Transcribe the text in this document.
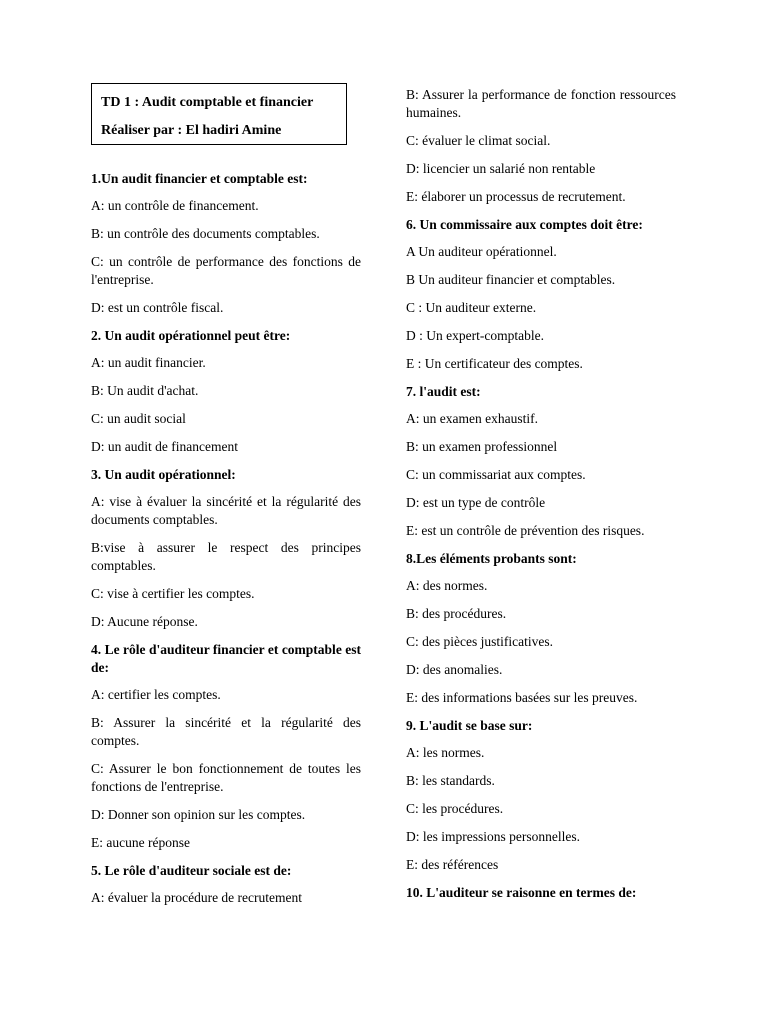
TD 1 : Audit comptable et financier
Réaliser par : El hadiri Amine

1.Un audit financier et comptable est:

A: un contrôle de financement.

B: un contrôle des documents comptables.

C: un contrôle de performance des fonctions de l'entreprise.

D: est un contrôle fiscal.

2. Un audit opérationnel peut être:

A: un audit financier.

B: Un audit d'achat.

C: un audit social

D: un audit de financement

3. Un audit opérationnel:

A: vise à évaluer la sincérité et la régularité des documents comptables.

B:vise à assurer le respect des principes comptables.

C: vise à certifier les comptes.

D: Aucune réponse.

4. Le rôle d'auditeur financier et comptable est de:

A: certifier les comptes.

B: Assurer la sincérité et la régularité des comptes.

C: Assurer le bon fonctionnement de toutes les fonctions de l'entreprise.

D: Donner son opinion sur les comptes.

E: aucune réponse

5. Le rôle d'auditeur sociale est de:

A: évaluer la procédure de recrutement

B: Assurer la performance de fonction ressources humaines.

C: évaluer le climat social.

D: licencier un salarié non rentable

E: élaborer un processus de recrutement.

6. Un commissaire aux comptes doit être:

A Un auditeur opérationnel.

B Un auditeur financier et comptables.

C : Un auditeur externe.

D : Un expert-comptable.

E : Un certificateur des comptes.

7. l'audit est:

A: un examen exhaustif.

B: un examen professionnel

C: un commissariat aux comptes.

D: est un type de contrôle

E: est un contrôle de prévention des risques.

8.Les éléments probants sont:

A: des normes.

B: des procédures.

C: des pièces justificatives.

D: des anomalies.

E: des informations basées sur les preuves.

9. L'audit se base sur:

A: les normes.

B: les standards.

C: les procédures.

D: les impressions personnelles.

E: des références

10. L'auditeur se raisonne en termes de:
